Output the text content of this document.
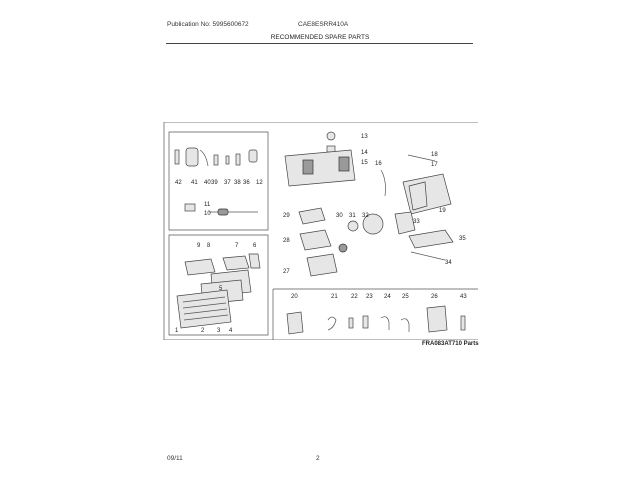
Publication No: 5995600672	CAE8ESRR410A
RECOMMENDED SPARE PARTS
42 41 40 39 37 38 36 12
11
10
9 8	7 6
5
1	2 3 4
13
14
15 16	17
18
19
29	30 31 32
33
28	35
34
27
20	21 22 23 24 25	26	43
FRA083AT710 Parts
09/11	2
